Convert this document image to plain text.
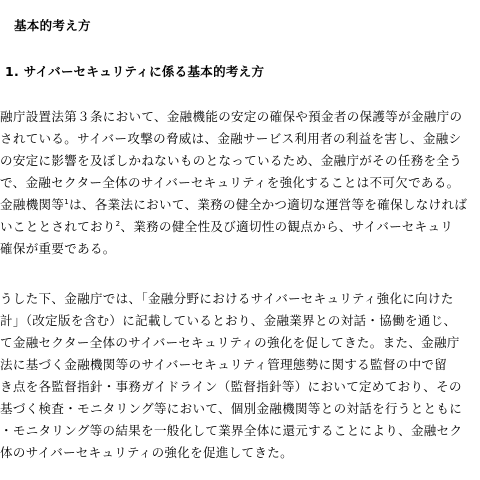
基本的考え方
1. サイバーセキュリティに係る基本的考え方
融庁設置法第３条において、金融機能の安定の確保や預金者の保護等が金融庁の
されている。サイバー攻撃の脅威は、金融サービス利用者の利益を害し、金融シ
の安定に影響を及ぼしかねないものとなっているため、金融庁がその任務を全う
で、金融セクター全体のサイバーセキュリティを強化することは不可欠である。
金融機関等$^1$は、各業法において、業務の健全かつ適切な運営等を確保しなければ
いこととされており$^2$、業務の健全性及び適切性の観点から、サイバーセキュリ
確保が重要である。
うした下、金融庁では、「金融分野におけるサイバーセキュリティ強化に向けた
計」（改定版を含む）に記載しているとおり、金融業界との対話・協働を通じ、
て金融セクター全体のサイバーセキュリティの強化を促してきた。また、金融庁
法に基づく金融機関等のサイバーセキュリティ管理態勢に関する監督の中で留
き点を各監督指針・事務ガイドライン（監督指針等）において定めており、その
基づく検査・モニタリング等において、個別金融機関等との対話を行うとともに
・モニタリング等の結果を一般化して業界全体に還元することにより、金融セク
体のサイバーセキュリティの強化を促進してきた。
